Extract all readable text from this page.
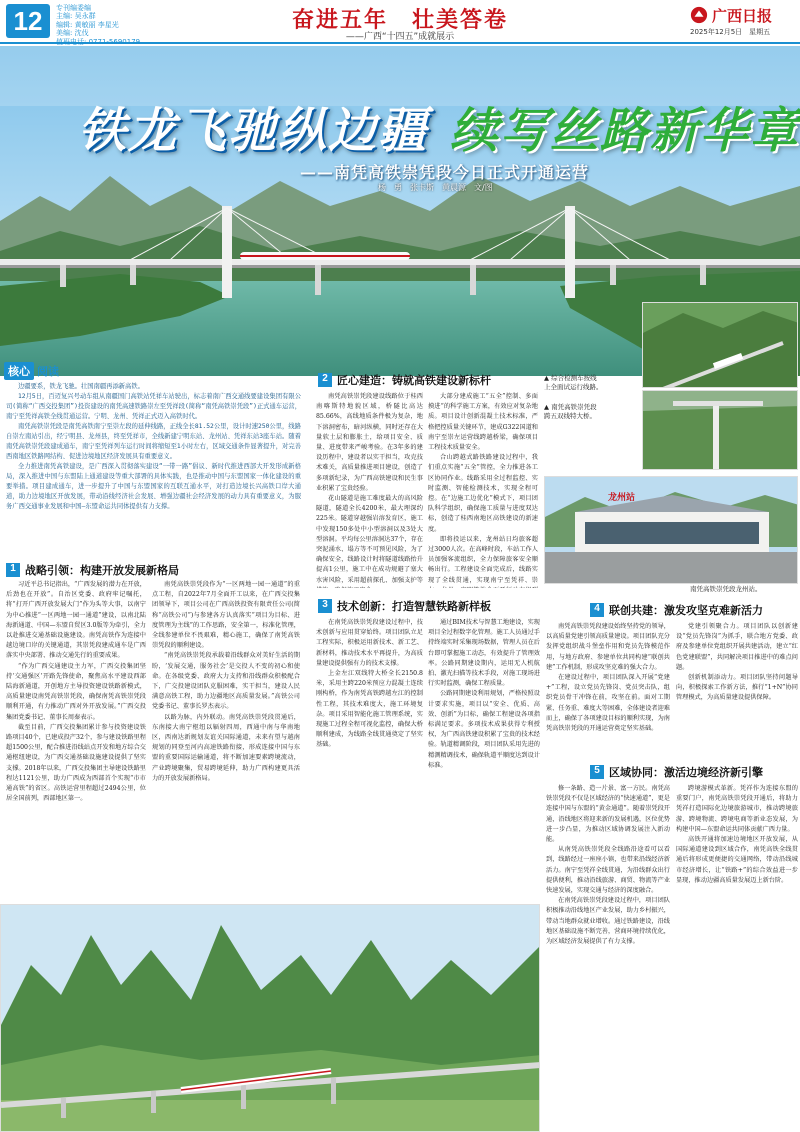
12	专刊编委编
主编: 吴永群
编辑: 黄敏丽 李星光
美编: 沈伐
值班电话: 0771-5690179
奋进五年　壮美答卷
——广西“十四五”成就展示
广西日报
2025年12月5日　星期五
铁龙飞驰纵边疆 续写丝路新华章
——南凭高铁崇凭段今日正式开通运营
杨　勇　张卡斯　黄晨源　文/图
核心 阅读

边疆要系，铁龙飞驰。壮国南疆再添新高铁。

12月5日，百迈复兴号动车组从南疆国门高铁站凭祥车站驶出，标志着南广西交通线要建设集团有限公司(简称“广西交投集团”)投资建设的南凭高速铁路崇左至凭祥段(简称“南凭高铁崇凭段”)正式通车运营，南宁至凭祥高铁全线贯通运营。宁明、龙州、凭祥正式迈入高铁时代。

南凭高铁崇凭段是南凭高铁南宁至崇左段的延伸线路，正线全长81.52公里，设计时速250公里，线路自崇左南站引出，经宁明县、龙州县，终至凭祥市，全线新建宁明东站、龙州站、凭祥东站3座车站。随着南凭高铁崇凭段建成通车，南宁至凭祥列车运行时间将缩短至1小时左右，区域交通条件显著提升，对完善西南地区铁路网结构、促进边境地区经济发展具有重要意义。

全力推进南凭高铁建设，是广西深入贯彻落实建设“一带一路”倡议、新时代推进西部大开发形成新格局，深入推进中国与东盟陆上通道建设等重大部署的具体实践，也是推动中国与东盟国家一体化建设的重要举措。项目建成通车，进一步提升了中国与东盟国家的互联互通水平，对打造边境长兴高铁口岸大通道，助力边境地区开放发展，带动沿线经济社会发展、增强边疆社会经济发展的动力具有重要意义，为服务广西交通事业发展和中国—东盟命运共同体提供有力支撑。

1 战略引领：构建开放发展新格局

习近平总书记指出，“广西发展的潜力在开放，后劲也在开放”。自治区党委、政府牢记嘱托，将“打开广西开放发展大门”作为头等大事，以南宁为中心推进“一区两地一园一通道”建设，以南北陆海新通道、中国—东盟自贸区3.0版等为牵引，全力以赴推进交通基础设施建设。南凭高铁作为连接中越边境口岸的关键通道，其崇凭段建成通车是广西落实中央部署、推动交通先行的重要成果。

“作为广西交通建设主力军，广西交投集团坚持‘交通强区’开路先锋使命，聚焦高水平建设西部陆海新通道，开创地方主导投资建设铁路新模式，高质量建设南凭高铁崇凭段，确保南凭高铁崇凭段顺利开通，有力推动广西对外开放发展。”广西交投集团党委书记、董事长周秦表示。

截至目前，广西交投集团累计参与投资建设铁路项目40个，已建成投产32个，参与建设铁路里程超1500公里，配合推进沿线站点开发和地方综合交通枢纽建设，为广西交通基础设施建设提供了坚实支撑。2018年以来，广西交投集团主导建设铁路里程达1121公里，助力广西成为西部首个实现“市市通高铁”的省区。高铁运营里程超过2494公里，位居全国前列，西部地区第一。

南凭高铁崇凭段作为“一区两地一园一通道”的重点工程，自2022年7月全面开工以来，在广西交投集团领导下，项目公司在广西高铁投资有限责任公司(简称“高铁公司”)与参建各方认真落实“项目为目标、进度管理为主线”的工作思路，安全第一，标准化管理，全线参建单位不畏艰难，精心施工，确保了南凭高铁崇凭段的顺利建设。

“南凭高铁崇凭段承载着沿线群众对美好生活的期盼，‘发展交通，服务社会’是交投人不变的初心和使命。在各级党委、政府大力支持和沿线群众积极配合下，广交投建设团队克服困难，实干担当，建设人民满意高铁工程，助力边疆地区高质量发展。”高铁公司党委书记、董事长罗杰表示。

以路为脉，内外联动。南凭高铁崇凭段贯通后，东南接大南宁枢纽以辐射四周，西通中南与华南地区，西南达新规划友谊关国际通道，未来有望与越南规划的同登至河内高速铁路衔接，形成连接中国与东盟的重要国际运输通道，将不断加速要素跨境流动，产业跨境聚集，贸易跨境延伸，助力广西构建更具活力的开放发展新格局。

2 匠心建造：铸就高铁建设新标杆

南凭高铁崇凭段建设线路位于桂西南喀斯特地貌区域，桥隧比高达85.66%，高线地质条件极为复杂，地下溶洞密布，暗河纵横，同时还存在大量软土层和膨胀土，给项目安全、质量、进度带来严峻考验。在3年多的建设历程中，建设者以实干担当，攻克技术难关，高质量推进项目建设，创造了多项新纪录，为广西高铁建设和民生事业积累了宝贵经验。

花山隧道是施工难度最大的高风险隧道，隧道全长4200米，最大埋深约225米。隧道穿越强岩溶发育区，施工中发现150多处中小型溶洞以及3处大型溶洞。平均每公里溶洞达37个，存在突泥涌水、塌方等不可预见风险，为了确保安全，线路设计时将隧道线路抬升提高1公里，施工中在成功规避了塞大水害风险，采用超前探孔、加强支护等

大部分建成施工“五全”控制、多面摸进“的科学施工方案，有效应对复杂地质。项目设计创新混凝土技术标准，严格把控质量关键环节，建成G322国道和南宁至崇左运营线跨越桥梁，确保项目工程技术质量安全。

合山跨越式路铁路建设过程中，我们重点实施“五全”管控，全力推进各工区协同作业。线路采用全过程监控、实时监测、智能检测技术，实现全程可控。在“边施工边优化”模式下，项目团队科学组织，确保施工质量与进度双达标，创造了桂西南地区高铁建设的新速度。

即将投运以来，龙州站日均旅客超过3000人次。在高峰时段，车站工作人员加强客流组织，全力保障旅客安全顺畅出行。工程建设全面完成后，线路实现了全线贯通，实现南宁至凭祥、崇

▲ 综合检测车按线
上全面试运行线路。
▲ 南凭高铁崇凭段
跨五双线特大桥。
龙州站
南凭高铁崇凭段龙州站。
3 技术创新：打造智慧铁路新样板

在南凭高铁崇凭段建设过程中，技术创新与应用贯穿始终。项目团队立足工程实际，积极运用新技术、新工艺、新材料，推动技术水平再提升，为高质量建设提供强有力的技术支撑。

上金左江双线特大桥全长2150.8米，采用主跨220米预应力混凝土连续刚构桥，作为南凭高铁跨越左江的控制性工程，其技术难度大，施工环境复杂。项目采用智能化施工管理系统，实现施工过程全程可视化监控，确保大桥顺利建成，为线路全线贯通奠定了坚实基础。

通过BIM技术与智慧工地建设，实现项目全过程数字化管理。施工人员通过手持终端实时采集现场数据，管理人员在后台即可掌握施工动态，有效提升了管理效率。公路同期建设期内，运用无人机航拍、激光扫描等技术手段，对施工现场进行实时监测，确保工程质量。

公路同期建设利用规划，严格按照设计要求实施，项目以“安全、优质、高效、创新”为目标，确保工程建设各项指标满足要求。多项技术成果获得专利授权，为广西高铁建设积累了宝贵的技术经验。轨道精调阶段，项目团队采用先进的精测精调技术，确保轨道平顺度达到设计标准。

4 联创共建：激发攻坚克难新活力

南凭高铁崇凭段建设始终坚持党的领导，以高质量党建引领高质量建设。项目团队充分发挥党组织战斗堡垒作用和党员先锋模范作用，与地方政府、参建单位共同构建“联创共建”工作机制，形成攻坚克难的强大合力。

在建设过程中，项目团队深入开展“党建+”工程，设立党员先锋岗、党员突击队，组织党员骨干冲锋在前，攻坚在前。面对工期紧、任务重、难度大等困难，全体建设者迎难而上，确保了各项建设目标的顺利实现，为南凭高铁崇凭段的开通运营奠定坚实基础。

党建引领聚合力。项目团队以创新建设“党员先锋岗”为抓手，联合地方党委、政府及参建单位党组织开展共建活动，建立“红色党建联盟”，共同解决项目推进中的难点问题。

创新机制添动力。项目团队坚持问题导向，积极探索工作新方法，推行“1+N”协同管理模式，为高质量建设提供保障。

5 区域协同：激活边境经济新引擎

修一条路、造一片景、富一方民。南凭高铁崇凭段不仅是区域经济的“快速通道”，更是连接中国与东盟的“黄金通道”。随着崇凭段开通，沿线地区将迎来新的发展机遇，区位优势进一步凸显，为推动区域协调发展注入新动能。

从南凭高铁崇凭段全线路沿途看可以看到，线路经过一座座小镇，也带来沿线经济新活力。南宁至凭祥全线贯通，为沿线群众出行提供便利，推动沿线旅游、商贸、物流等产业快速发展，实现交通与经济的深度融合。

在南凭高铁崇凭段建设过程中，项目团队积极推动沿线地区产业发展，助力乡村振兴，带动当地群众就业增收。通过铁路建设，沿线地区基础设施不断完善，营商环境持续优化，为区域经济发展提供了有力支撑。

跨境游模式革新。凭祥作为连接东盟的重要门户，南凭高铁崇凭段开通后，将助力凭祥打造国际化边境旅游城市，推动跨境旅游、跨境物流、跨境电商等新业态发展，为构建中国—东盟命运共同体贡献广西力量。

高铁开通将加速边境地区开放发展，从国际通道建设到区域合作，南凭高铁全线贯通后将形成更便捷的交通网络，带动沿线城市经济增长，让“铁路+”的综合效益进一步显现，推动边疆高质量发展迈上新台阶。
